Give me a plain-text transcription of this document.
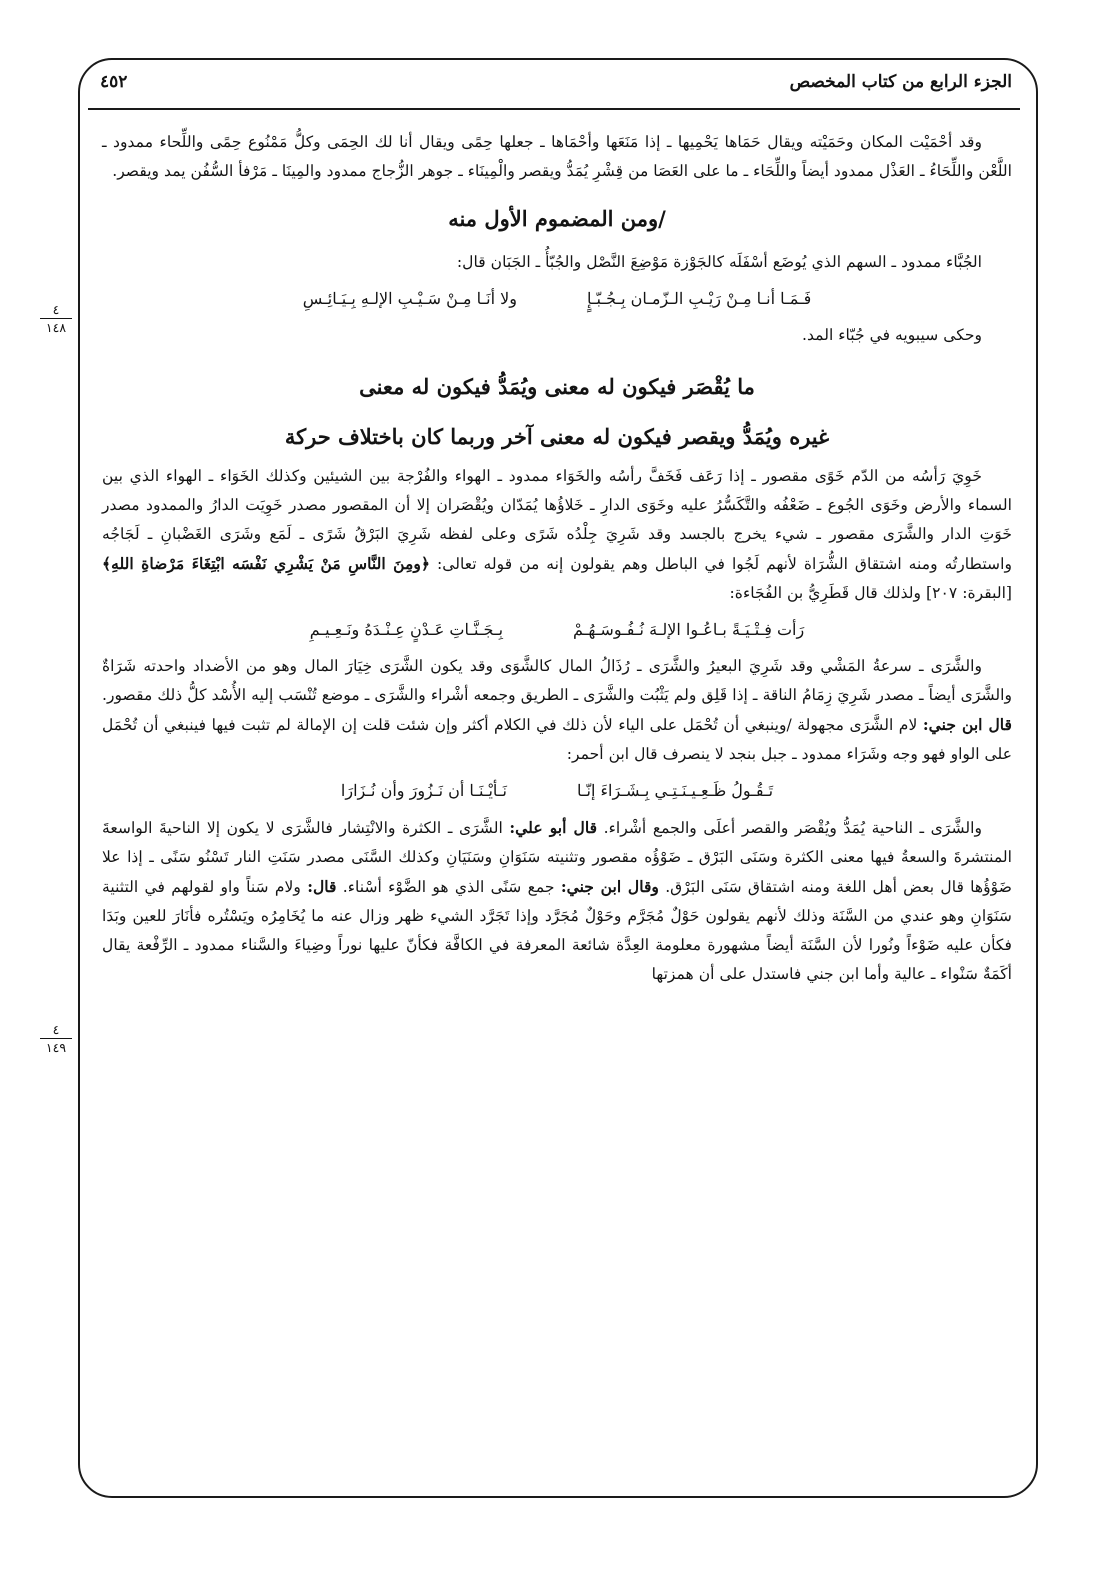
الجزء الرابع من كتاب المخصص
٤٥٢
٤
١٤٨
٤
١٤٩

وقد أحْمَيْت المكان وحَمَيْته ويقال حَمَاها يَحْمِيها ـ إذا مَنَعَها وأحْمَاها ـ جعلها حِمًى ويقال أنا لك الحِمَى وكلُّ مَمْنُوع حِمًى واللِّحاء ممدود ـ اللَّعْن واللِّحَاءُ ـ العَذْل ممدود أيضاً واللِّحَاء ـ ما على العَصَا من قِشْرِ يُمَدُّ ويقصر والْمِينَاء ـ جوهر الزُّجاج ممدود والمِينَا ـ مَرْفأ السُّفُن يمد ويقصر.

/ومن المضموم الأول منه

الجُبَّاء ممدود ـ السهم الذي يُوضَع أسْفَلَه كالجَوْزة مَوْضِعَ النَّصْل والجُبّأُ ـ الجَبَان قال:

فَـمَـا أنـا مِـنْ رَيْـبِ الـزّمـان بِـجُـبّـإٍ
ولا أنَـا مِـنْ سَـيْـبِ الإلـهِ بِـيَـائِـسِ

وحكى سيبويه في جُبّاء المد.

ما يُقْصَر فيكون له معنى ويُمَدُّ فيكون له معنى
غيره ويُمَدُّ ويقصر فيكون له معنى آخر وربما كان باختلاف حركة

خَوِيَ رَأسُه من الدّم خَوًى مقصور ـ إذا رَعَف فَخَفَّ رأسُه والخَوَاء ممدود ـ الهواء والفُرْجة بين الشيئين وكذلك الخَوَاء ـ الهواء الذي بين السماء والأرض وخَوَى الجُوع ـ ضَعْفُه والتَّكَسُّرُ عليه وخَوَى الدارِ ـ خَلاؤُها يُمَدّان ويُقْصَران إلا أن المقصور مصدر خَوِيَت الدارُ والممدود مصدر خَوَتِ الدار والشَّرَى مقصور ـ شيء يخرج بالجسد وقد شَرِيَ جِلْدُه شَرًى وعلى لفظه شَرِيَ البَرْقُ شَرًى ـ لَمَع وشَرَى الغَضْبانِ ـ لَجَاجُه واستطارتُه ومنه اشتقاق الشُّرَاة لأنهم لَجُوا في الباطل وهم يقولون إنه من قوله تعالى: ﴿ومِنَ النَّاسِ مَنْ يَشْرِي نَفْسَه ابْتِغَاءَ مَرْضاةِ اللهِ﴾ [البقرة: ٢٠٧] ولذلك قال قَطَرِيُّ بن الفُجَاءة:

رَأت فِـتْـيَـةً بـاعُـوا الإلـهَ نُـفُـوسَـهُـمْ
بِـجَـنَّـاتِ عَـدْنٍ عِـنْـدَهُ ونَـعِـيـمِ

والشَّرَى ـ سرعةُ المَشْي وقد شَرِيَ البعيرُ والشَّرَى ـ رُذَالُ المال كالشَّوَى وقد يكون الشَّرَى خِيَارَ المال وهو من الأضداد واحدته شَرَاةٌ والشَّرَى أيضاً ـ مصدر شَرِيَ زِمَامُ الناقة ـ إذا قَلِق ولم يَثْبُت والشَّرَى ـ الطريق وجمعه أشْراء والشَّرَى ـ موضع تُنْسَب إليه الأُسْد كلُّ ذلك مقصور. قال ابن جني: لام الشَّرَى مجهولة /وينبغي أن تُحْمَل على الياء لأن ذلك في الكلام أكثر وإن شئت قلت إن الإمالة لم تثبت فيها فينبغي أن تُحْمَل على الواو فهو وجه وشَرَاء ممدود ـ جبل بنجد لا ينصرف قال ابن أحمر:

تَـقُـولُ ظَـعِـيـنَـتِـي بِـشَـرَاءَ إنّـا
نَـأيْـنَـا أن نَـزُورَ وأن نُـزَارَا

والشَّرَى ـ الناحية يُمَدُّ ويُقْصَر والقصر أعلَى والجمع أشْراء. قال أبو علي: الشَّرَى ـ الكثرة والانْتِشار فالشَّرَى لا يكون إلا الناحيةَ الواسعةَ المنتشرةَ والسعةُ فيها معنى الكثرة وسَنَى البَرْق ـ ضَوْؤُه مقصور وتثنيته سَنَوَانِ وسَنَيَانِ وكذلك السَّنَى مصدر سَنَتِ النار تَسْنُو سَنًى ـ إذا علا ضَوْؤُها قال بعض أهل اللغة ومنه اشتقاق سَنَى البَرْق. وقال ابن جني: جمع سَنًى الذي هو الضَّوْء أسْناء. قال: ولام سَناً واو لقولهم في التثنية سَنَوَانِ وهو عندي من السَّنَة وذلك لأنهم يقولون حَوْلٌ مُجَرَّم وحَوْلٌ مُجَرَّد وإذا تَجَرَّد الشيء ظهر وزال عنه ما يُخَامِرُه ويَسْتُره فأنَارَ للعين وبَدَا فكأن عليه ضَوْءاً ونُورا لأن السَّنَة أيضاً مشهورة معلومة العِدَّة شائعة المعرفة في الكافَّة فكأنّ عليها نوراً وضِياءَ والسَّناء ممدود ـ الرِّفْعة يقال أكَمَةٌ سَنْواء ـ عالية وأما ابن جني فاستدل على أن همزتها
